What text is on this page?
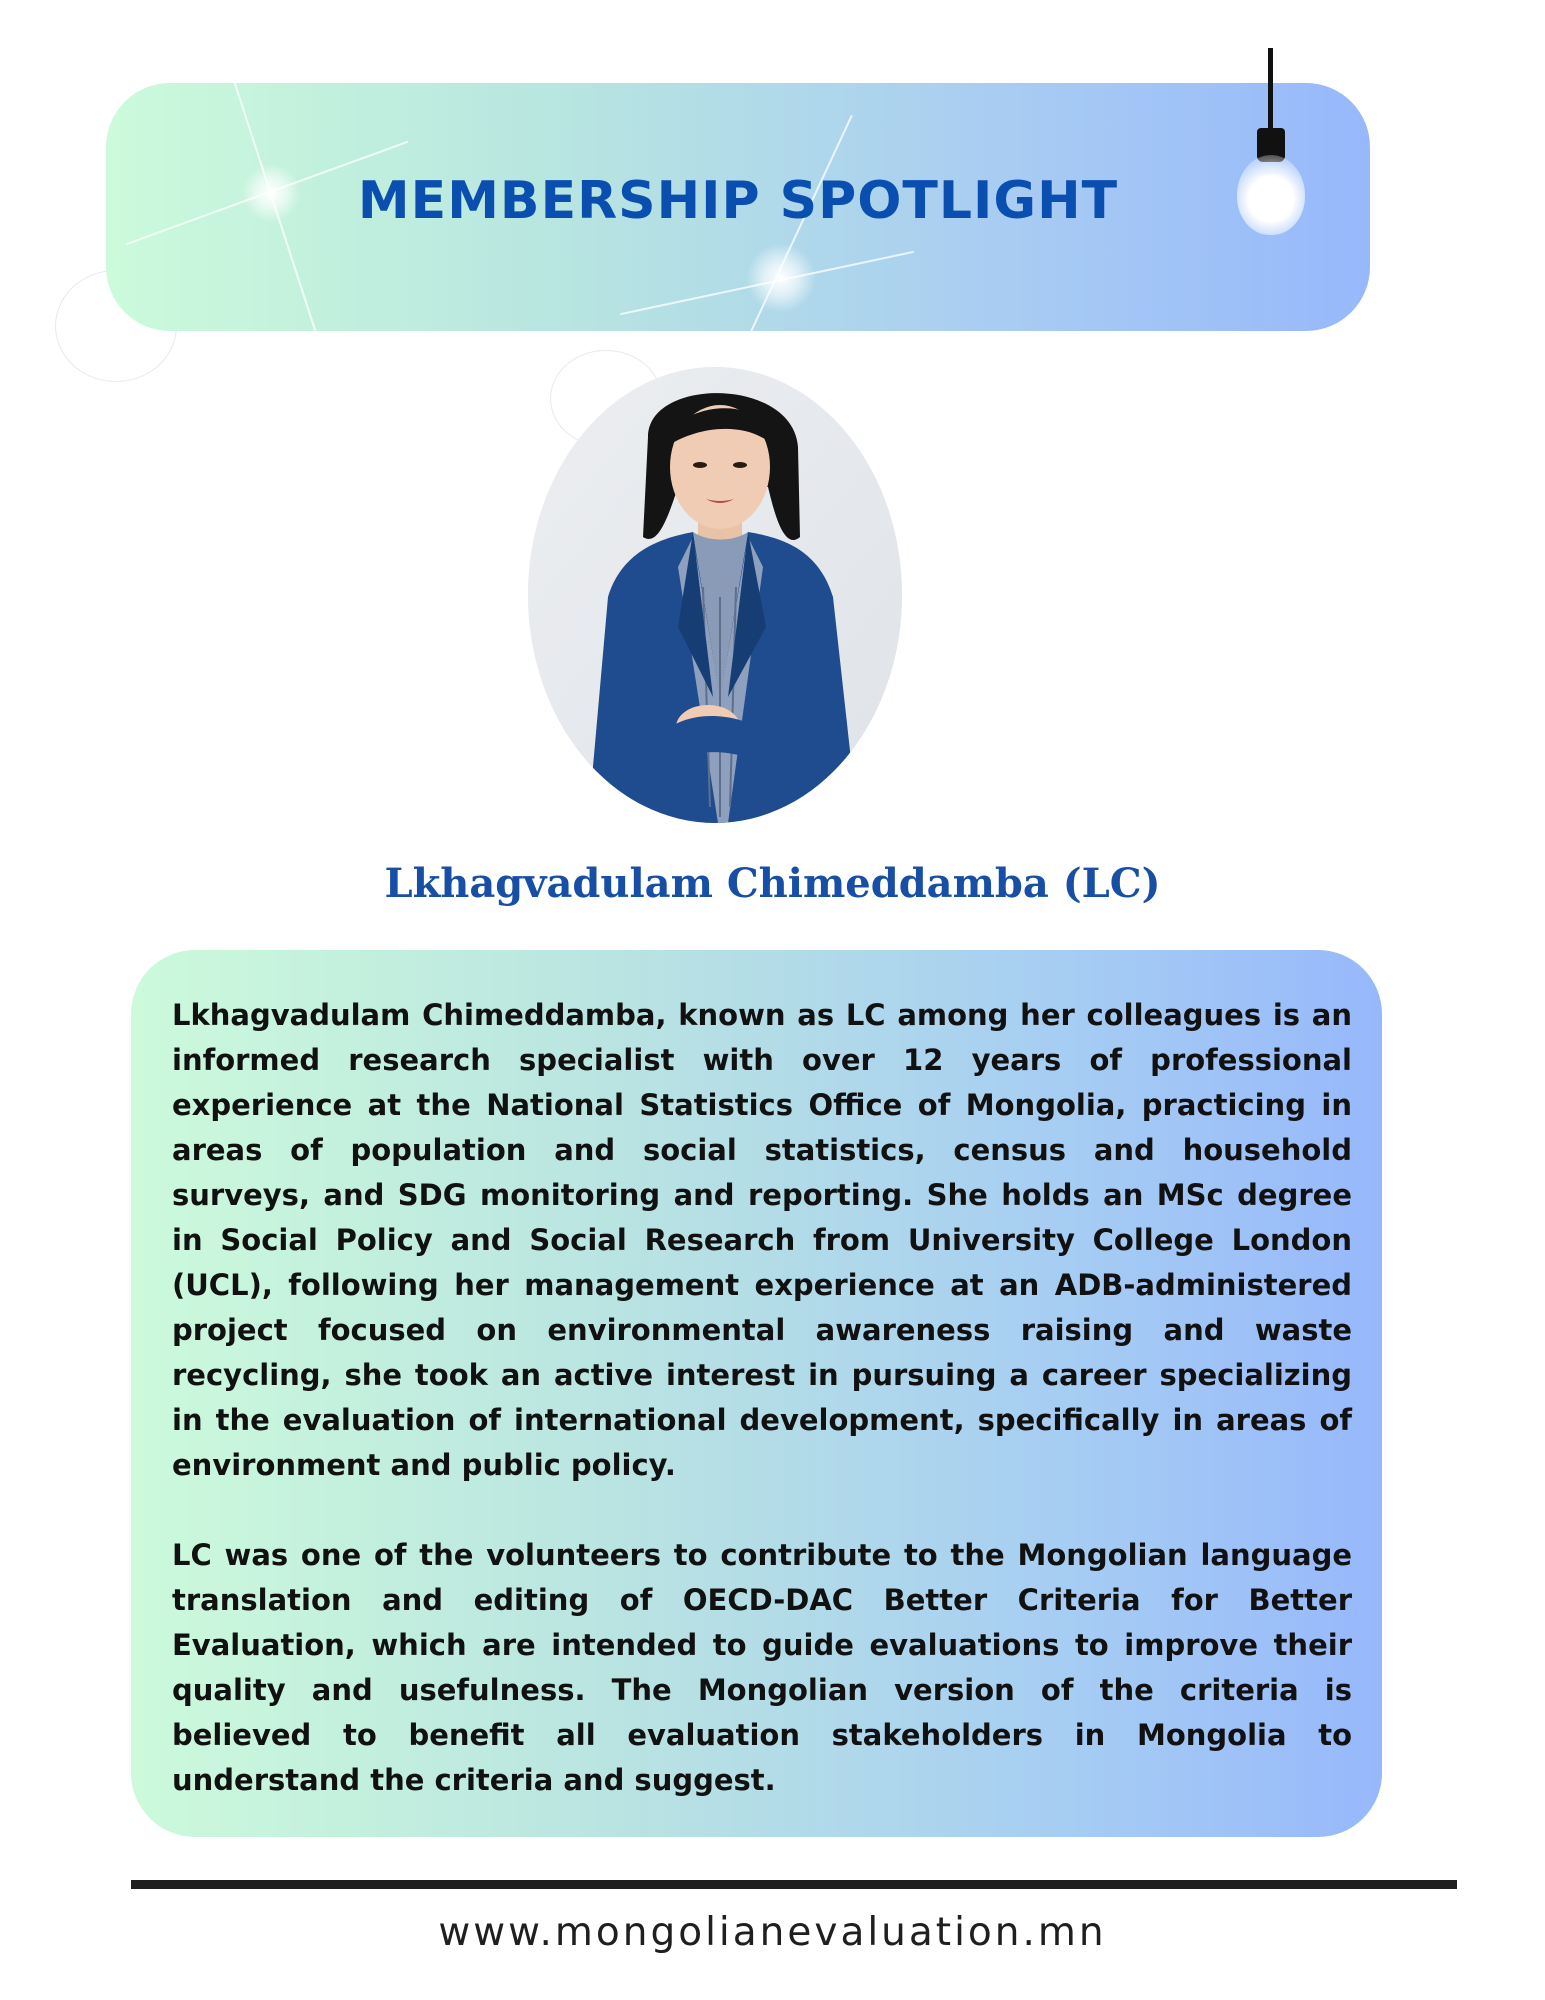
MEMBERSHIP SPOTLIGHT
Lkhagvadulam Chimeddamba (LC)

Lkhagvadulam Chimeddamba, known as LC among her colleagues is an informed research specialist with over 12 years of professional experience at the National Statistics Office of Mongolia, practicing in areas of population and social statistics, census and household surveys, and SDG monitoring and reporting. She holds an MSc degree in Social Policy and Social Research from University College London (UCL), following her management experience at an ADB-administered project focused on environmental awareness raising and waste recycling, she took an active interest in pursuing a career specializing in the evaluation of international development, specifically in areas of environment and public policy.

LC was one of the volunteers to contribute to the Mongolian language translation and editing of OECD-DAC Better Criteria for Better Evaluation, which are intended to guide evaluations to improve their quality and usefulness. The Mongolian version of the criteria is believed to benefit all evaluation stakeholders in Mongolia to understand the criteria and suggest.

www.mongolianevaluation.mn
